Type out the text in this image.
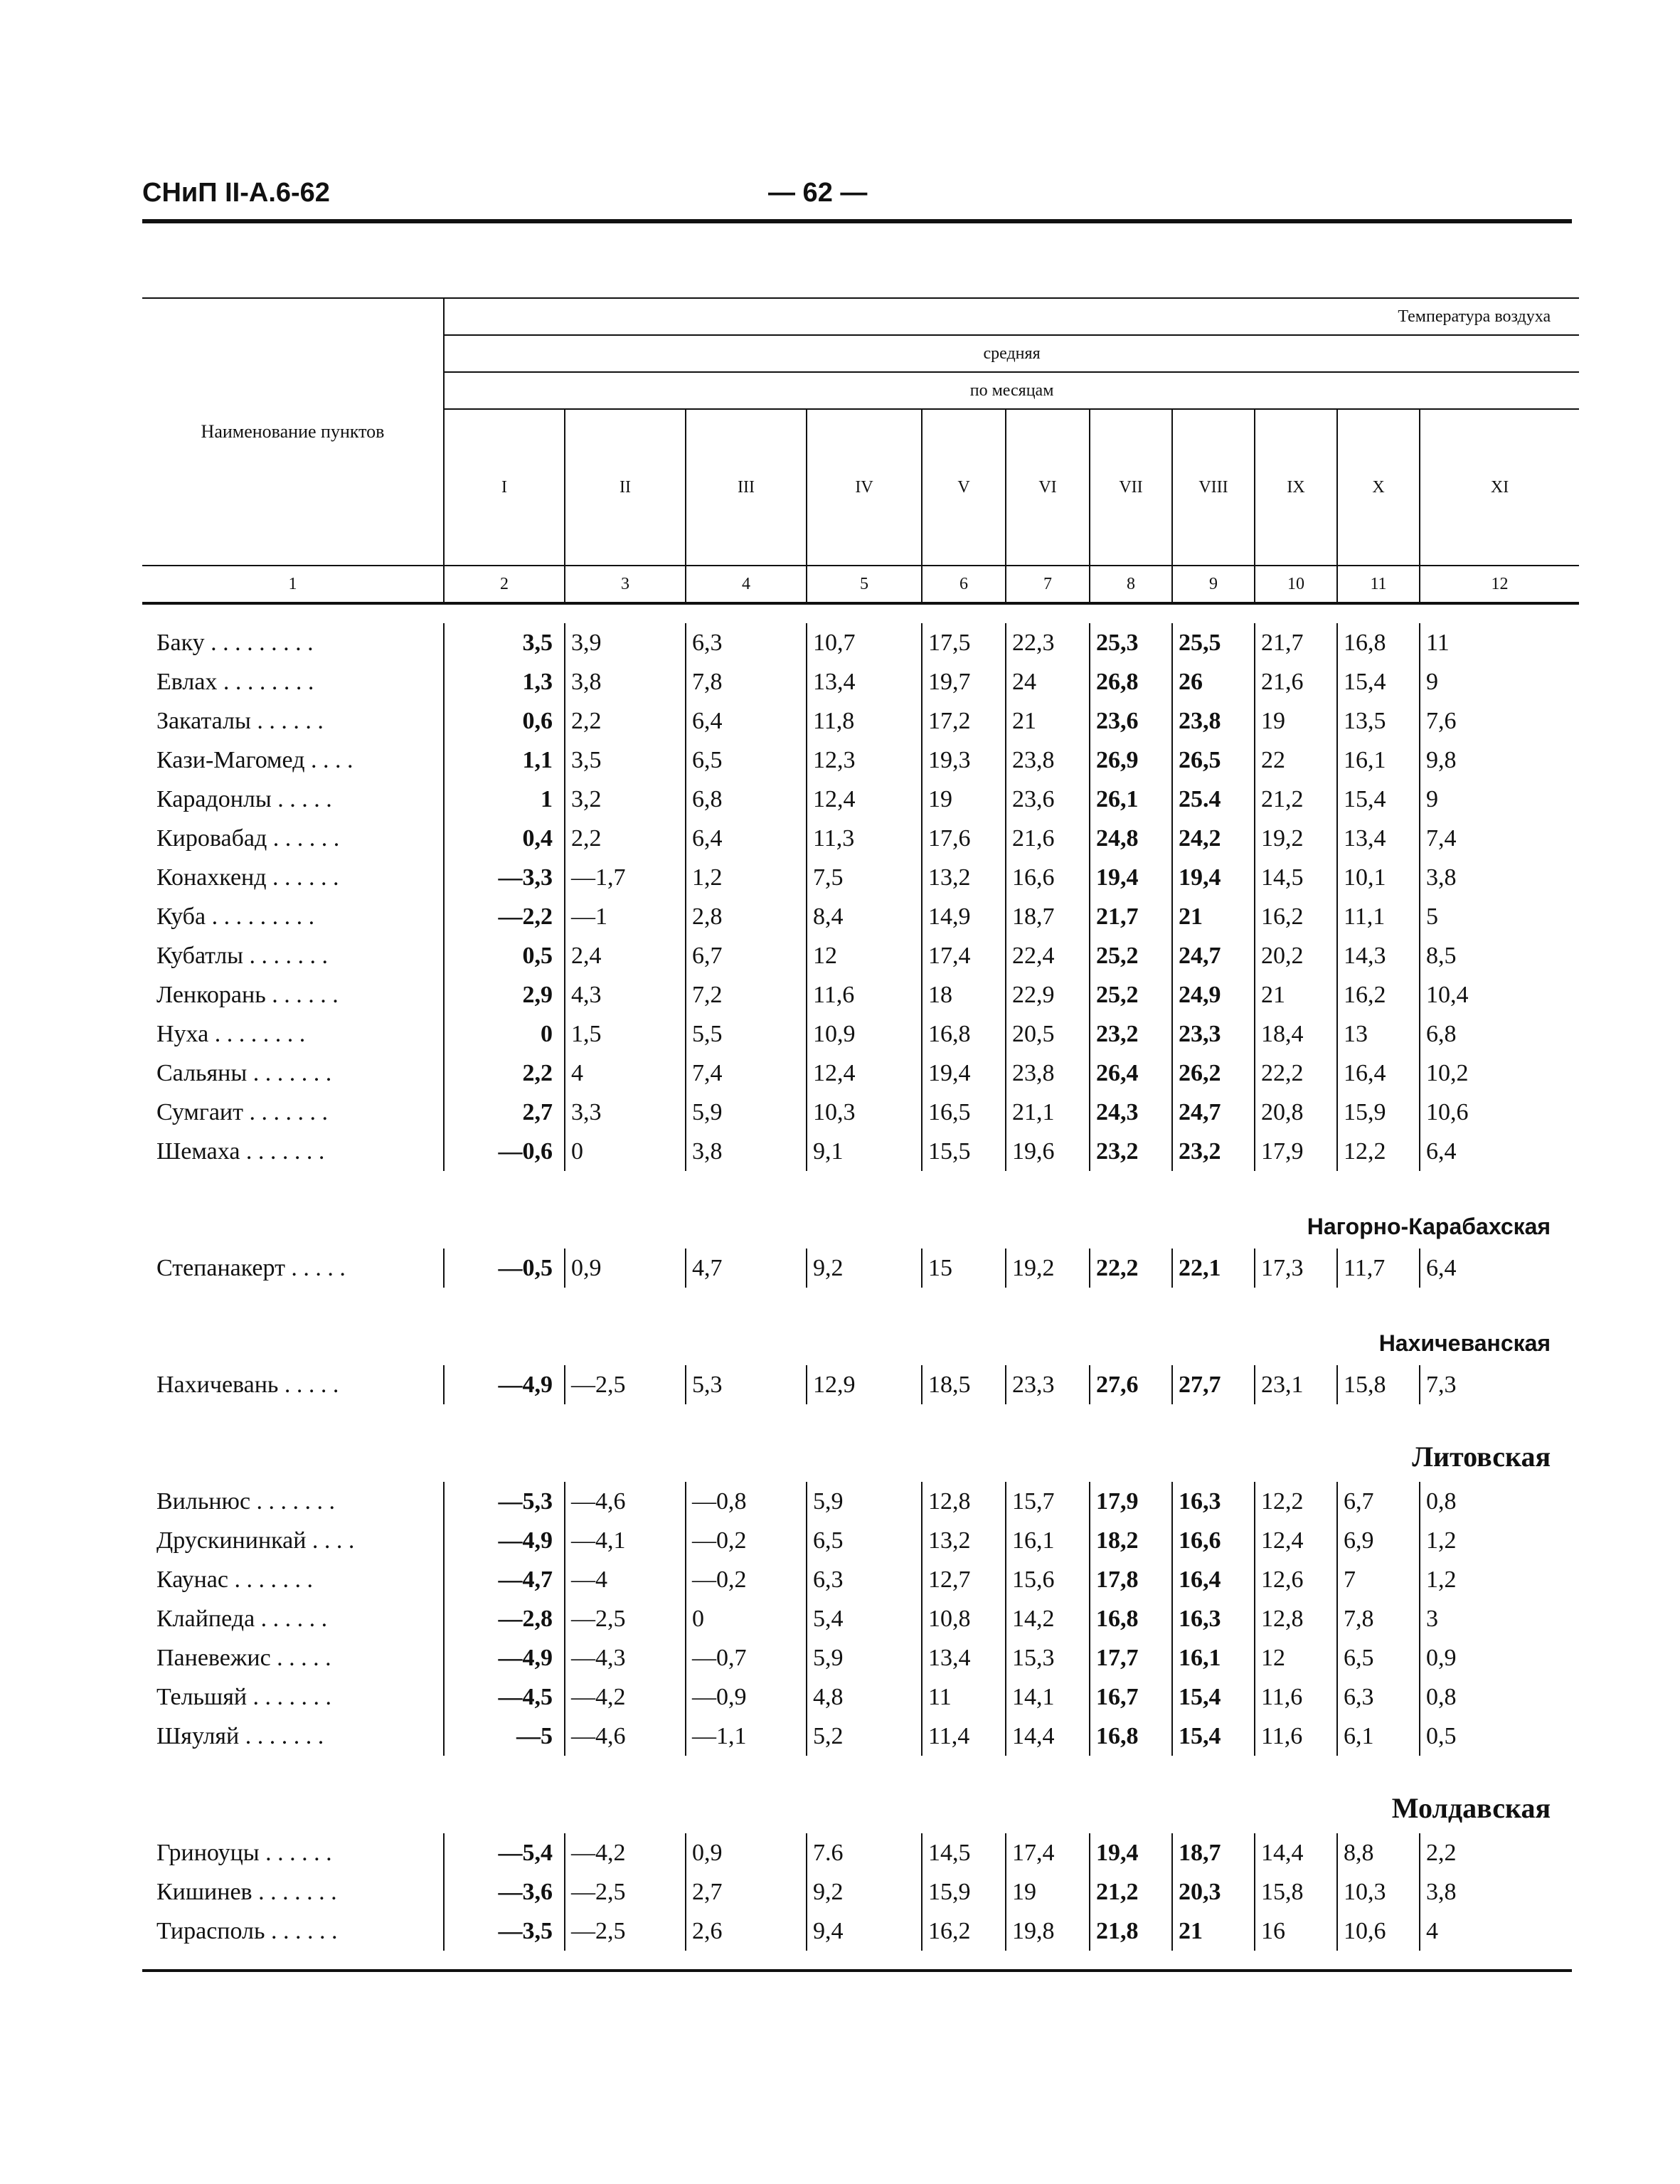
СНиП II-А.6-62	— 62 —
Наименование пунктов	Температура воздуха										
	средняя										
	по месяцам										
	I	II	III	IV	V	VI	VII	VIII	IX	X	XI
1	2	3	4	5	6	7	8	9	10	11	12

Баку . . . . . . . . .	3,5	3,9	6,3	10,7	17,5	22,3	25,3	25,5	21,7	16,8	11
Евлах . . . . . . . .	1,3	3,8	7,8	13,4	19,7	24	26,8	26	21,6	15,4	9
Закаталы . . . . . .	0,6	2,2	6,4	11,8	17,2	21	23,6	23,8	19	13,5	7,6
Кази-Магомед . . . .	1,1	3,5	6,5	12,3	19,3	23,8	26,9	26,5	22	16,1	9,8
Карадонлы . . . . .	1	3,2	6,8	12,4	19	23,6	26,1	25.4	21,2	15,4	9
Кировабад . . . . . .	0,4	2,2	6,4	11,3	17,6	21,6	24,8	24,2	19,2	13,4	7,4
Конахкенд . . . . . .	—3,3	—1,7	1,2	7,5	13,2	16,6	19,4	19,4	14,5	10,1	3,8
Куба . . . . . . . . .	—2,2	—1	2,8	8,4	14,9	18,7	21,7	21	16,2	11,1	5
Кубатлы . . . . . . .	0,5	2,4	6,7	12	17,4	22,4	25,2	24,7	20,2	14,3	8,5
Ленкорань . . . . . .	2,9	4,3	7,2	11,6	18	22,9	25,2	24,9	21	16,2	10,4
Нуха . . . . . . . .	0	1,5	5,5	10,9	16,8	20,5	23,2	23,3	18,4	13	6,8
Сальяны . . . . . . .	2,2	4	7,4	12,4	19,4	23,8	26,4	26,2	22,2	16,4	10,2
Сумгаит . . . . . . .	2,7	3,3	5,9	10,3	16,5	21,1	24,3	24,7	20,8	15,9	10,6
Шемаха . . . . . . .	—0,6	0	3,8	9,1	15,5	19,6	23,2	23,2	17,9	12,2	6,4
Нагорно-Карабахская											
Степанакерт . . . . .	—0,5	0,9	4,7	9,2	15	19,2	22,2	22,1	17,3	11,7	6,4
Нахичеванская											
Нахичевань . . . . .	—4,9	—2,5	5,3	12,9	18,5	23,3	27,6	27,7	23,1	15,8	7,3
Литовская											
Вильнюс . . . . . . .	—5,3	—4,6	—0,8	5,9	12,8	15,7	17,9	16,3	12,2	6,7	0,8
Друскининкай . . . .	—4,9	—4,1	—0,2	6,5	13,2	16,1	18,2	16,6	12,4	6,9	1,2
Каунас . . . . . . .	—4,7	—4	—0,2	6,3	12,7	15,6	17,8	16,4	12,6	7	1,2
Клайпеда . . . . . .	—2,8	—2,5	0	5,4	10,8	14,2	16,8	16,3	12,8	7,8	3
Паневежис . . . . .	—4,9	—4,3	—0,7	5,9	13,4	15,3	17,7	16,1	12	6,5	0,9
Тельшяй . . . . . . .	—4,5	—4,2	—0,9	4,8	11	14,1	16,7	15,4	11,6	6,3	0,8
Шяуляй . . . . . . .	—5	—4,6	—1,1	5,2	11,4	14,4	16,8	15,4	11,6	6,1	0,5
Молдавская											
Гриноуцы . . . . . .	—5,4	—4,2	0,9	7.6	14,5	17,4	19,4	18,7	14,4	8,8	2,2
Кишинев . . . . . . .	—3,6	—2,5	2,7	9,2	15,9	19	21,2	20,3	15,8	10,3	3,8
Тирасполь . . . . . .	—3,5	—2,5	2,6	9,4	16,2	19,8	21,8	21	16	10,6	4
